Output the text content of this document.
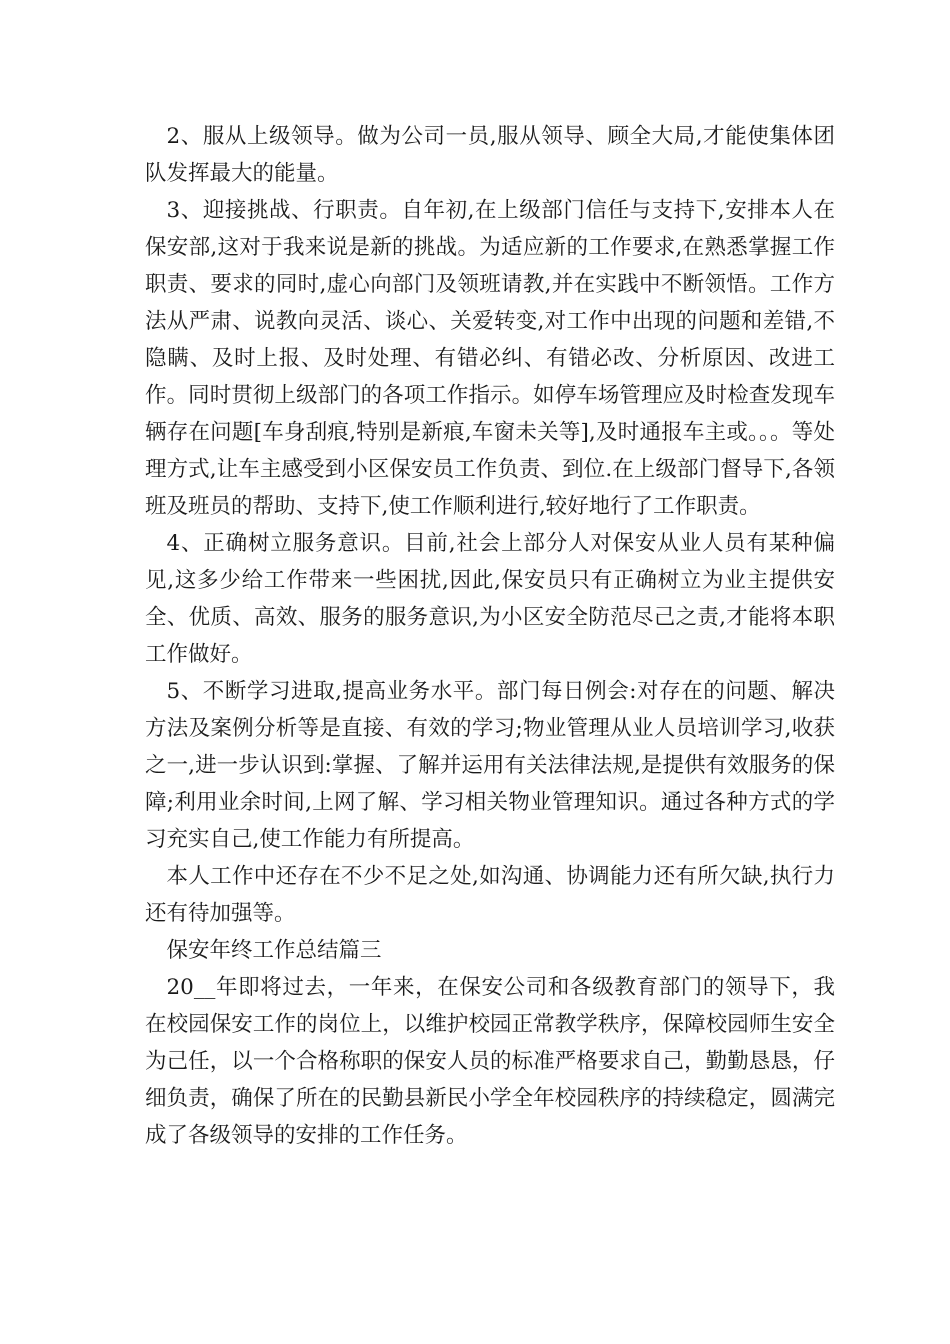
2、服从上级领导。做为公司一员,服从领导、顾全大局,才能使集体团队发挥最大的能量。

3、迎接挑战、行职责。自年初,在上级部门信任与支持下,安排本人在保安部,这对于我来说是新的挑战。为适应新的工作要求,在熟悉掌握工作职责、要求的同时,虚心向部门及领班请教,并在实践中不断领悟。工作方法从严肃、说教向灵活、谈心、关爱转变,对工作中出现的问题和差错,不隐瞒、及时上报、及时处理、有错必纠、有错必改、分析原因、改进工作。同时贯彻上级部门的各项工作指示。如停车场管理应及时检查发现车辆存在问题[车身刮痕,特别是新痕,车窗未关等],及时通报车主或。。。等处理方式,让车主感受到小区保安员工作负责、到位.在上级部门督导下,各领班及班员的帮助、支持下,使工作顺利进行,较好地行了工作职责。

4、正确树立服务意识。目前,社会上部分人对保安从业人员有某种偏见,这多少给工作带来一些困扰,因此,保安员只有正确树立为业主提供安全、优质、高效、服务的服务意识,为小区安全防范尽己之责,才能将本职工作做好。

5、不断学习进取,提高业务水平。部门每日例会:对存在的问题、解决方法及案例分析等是直接、有效的学习;物业管理从业人员培训学习,收获之一,进一步认识到:掌握、了解并运用有关法律法规,是提供有效服务的保障;利用业余时间,上网了解、学习相关物业管理知识。通过各种方式的学习充实自己,使工作能力有所提高。

本人工作中还存在不少不足之处,如沟通、协调能力还有所欠缺,执行力还有待加强等。

保安年终工作总结篇三

20__年即将过去，一年来，在保安公司和各级教育部门的领导下，我在校园保安工作的岗位上，以维护校园正常教学秩序，保障校园师生安全为己任，以一个合格称职的保安人员的标准严格要求自己，勤勤恳恳，仔细负责，确保了所在的民勤县新民小学全年校园秩序的持续稳定，圆满完成了各级领导的安排的工作任务。
